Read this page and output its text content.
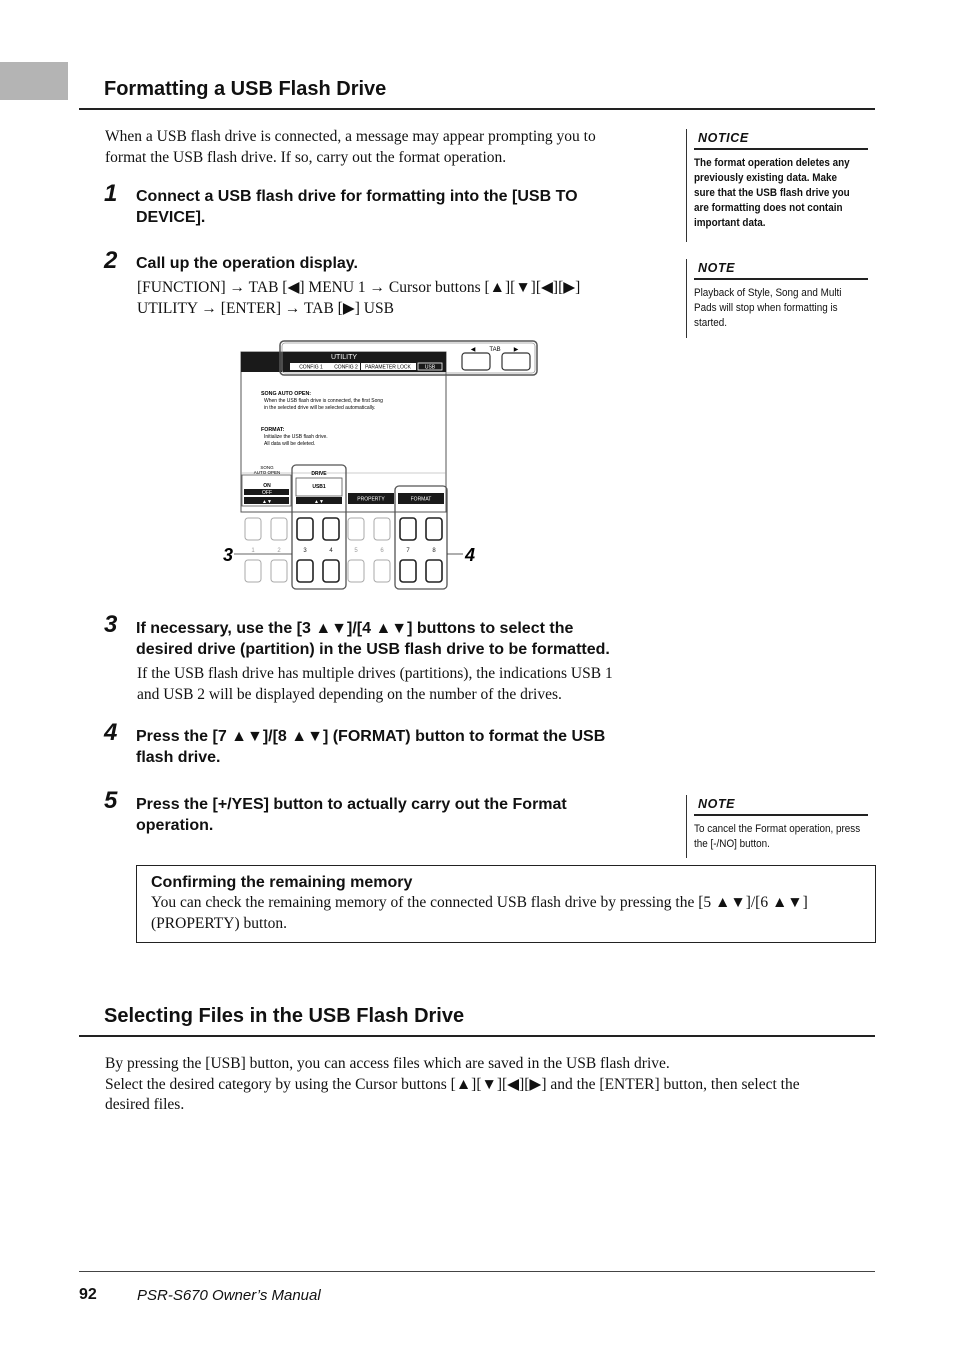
Formatting a USB Flash Drive

When a USB flash drive is connected, a message may appear prompting you to
format the USB flash drive. If so, carry out the format operation.

1 Connect a USB flash drive for formatting into the [USB TO
DEVICE].

2 Call up the operation display.

[FUNCTION] → TAB [◀] MENU 1 → Cursor buttons [▲][▼][◀][▶]
UTILITY → [ENTER] → TAB [▶] USB

UTILITY
CONFIG 1 CONFIG 2 PARAMETER LOCK	USB
TAB
◀	▶
SONG AUTO OPEN:
When the USB flash drive is connected, the first Song
in the selected drive will be selected automatically.
FORMAT:
Initialize the USB flash drive.
All data will be deleted.
SONG
AUTO OPEN
ON
OFF
▲▼
DRIVE
USB1
▲▼	PROPERTY	FORMAT
1	2	3	4	5	6	7	8
3	4
3 If necessary, use the [3 ▲▼]/[4 ▲▼] buttons to select the
desired drive (partition) in the USB flash drive to be formatted.

If the USB flash drive has multiple drives (partitions), the indications USB 1
and USB 2 will be displayed depending on the number of the drives.

4 Press the [7 ▲▼]/[8 ▲▼] (FORMAT) button to format the USB
flash drive.

5 Press the [+/YES] button to actually carry out the Format
operation.

NOTICE
The format operation deletes any
previously existing data. Make
sure that the USB flash drive you
are formatting does not contain
important data.
NOTE
Playback of Style, Song and Multi
Pads will stop when formatting is
started.
NOTE
To cancel the Format operation, press
the [-/NO] button.

Confirming the remaining memory

You can check the remaining memory of the connected USB flash drive by pressing the [5 ▲▼]/[6 ▲▼]
(PROPERTY) button.

Selecting Files in the USB Flash Drive

By pressing the [USB] button, you can access files which are saved in the USB flash drive.
Select the desired category by using the Cursor buttons [▲][▼][◀][▶] and the [ENTER] button, then select the
desired files.

92	PSR-S670 Owner’s Manual
